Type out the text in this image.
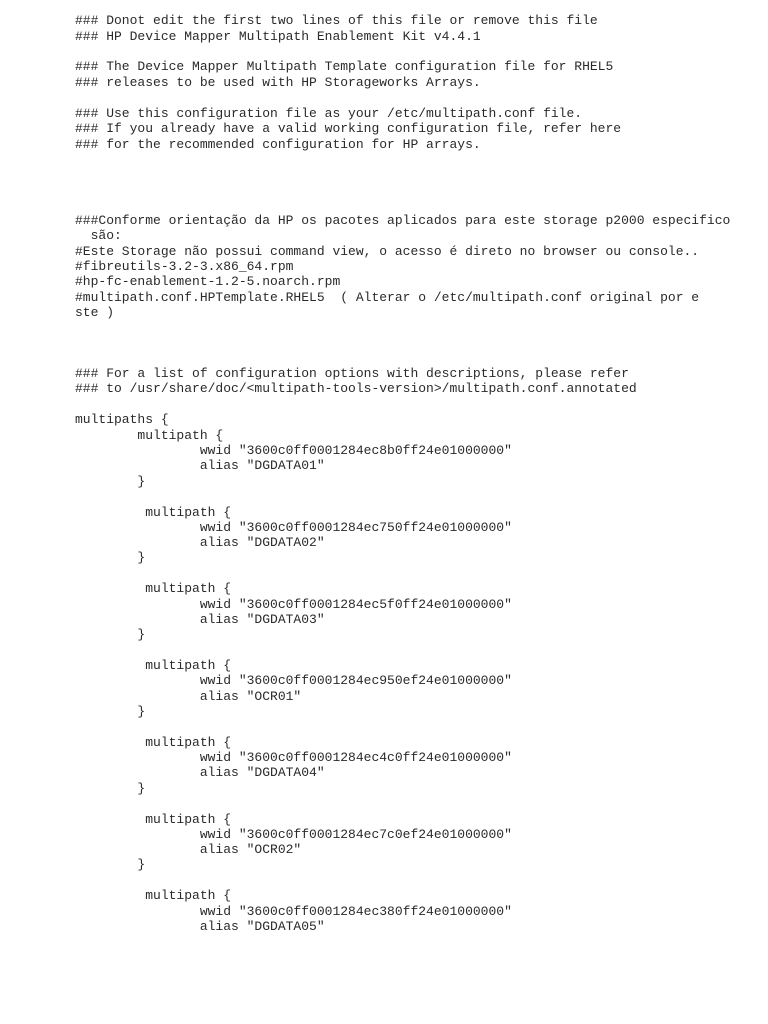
### Donot edit the first two lines of this file or remove this file

### HP Device Mapper Multipath Enablement Kit v4.4.1

### The Device Mapper Multipath Template configuration file for RHEL5

### releases to be used with HP Storageworks Arrays.

### Use this configuration file as your /etc/multipath.conf file.

### If you already have a valid working configuration file, refer here

### for the recommended configuration for HP arrays.

###Conforme orientação da HP os pacotes aplicados para este storage p2000 especifico

são:

#Este Storage não possui command view, o acesso é direto no browser ou console..

#fibreutils-3.2-3.x86_64.rpm

#hp-fc-enablement-1.2-5.noarch.rpm

#multipath.conf.HPTemplate.RHEL5  ( Alterar o /etc/multipath.conf original por e

ste )

### For a list of configuration options with descriptions, please refer

### to /usr/share/doc/<multipath-tools-version>/multipath.conf.annotated

multipaths {

multipath {

wwid "3600c0ff0001284ec8b0ff24e01000000"

alias "DGDATA01"

}

multipath {

wwid "3600c0ff0001284ec750ff24e01000000"

alias "DGDATA02"

}

multipath {

wwid "3600c0ff0001284ec5f0ff24e01000000"

alias "DGDATA03"

}

multipath {

wwid "3600c0ff0001284ec950ef24e01000000"

alias "OCR01"

}

multipath {

wwid "3600c0ff0001284ec4c0ff24e01000000"

alias "DGDATA04"

}

multipath {

wwid "3600c0ff0001284ec7c0ef24e01000000"

alias "OCR02"

}

multipath {

wwid "3600c0ff0001284ec380ff24e01000000"

alias "DGDATA05"
